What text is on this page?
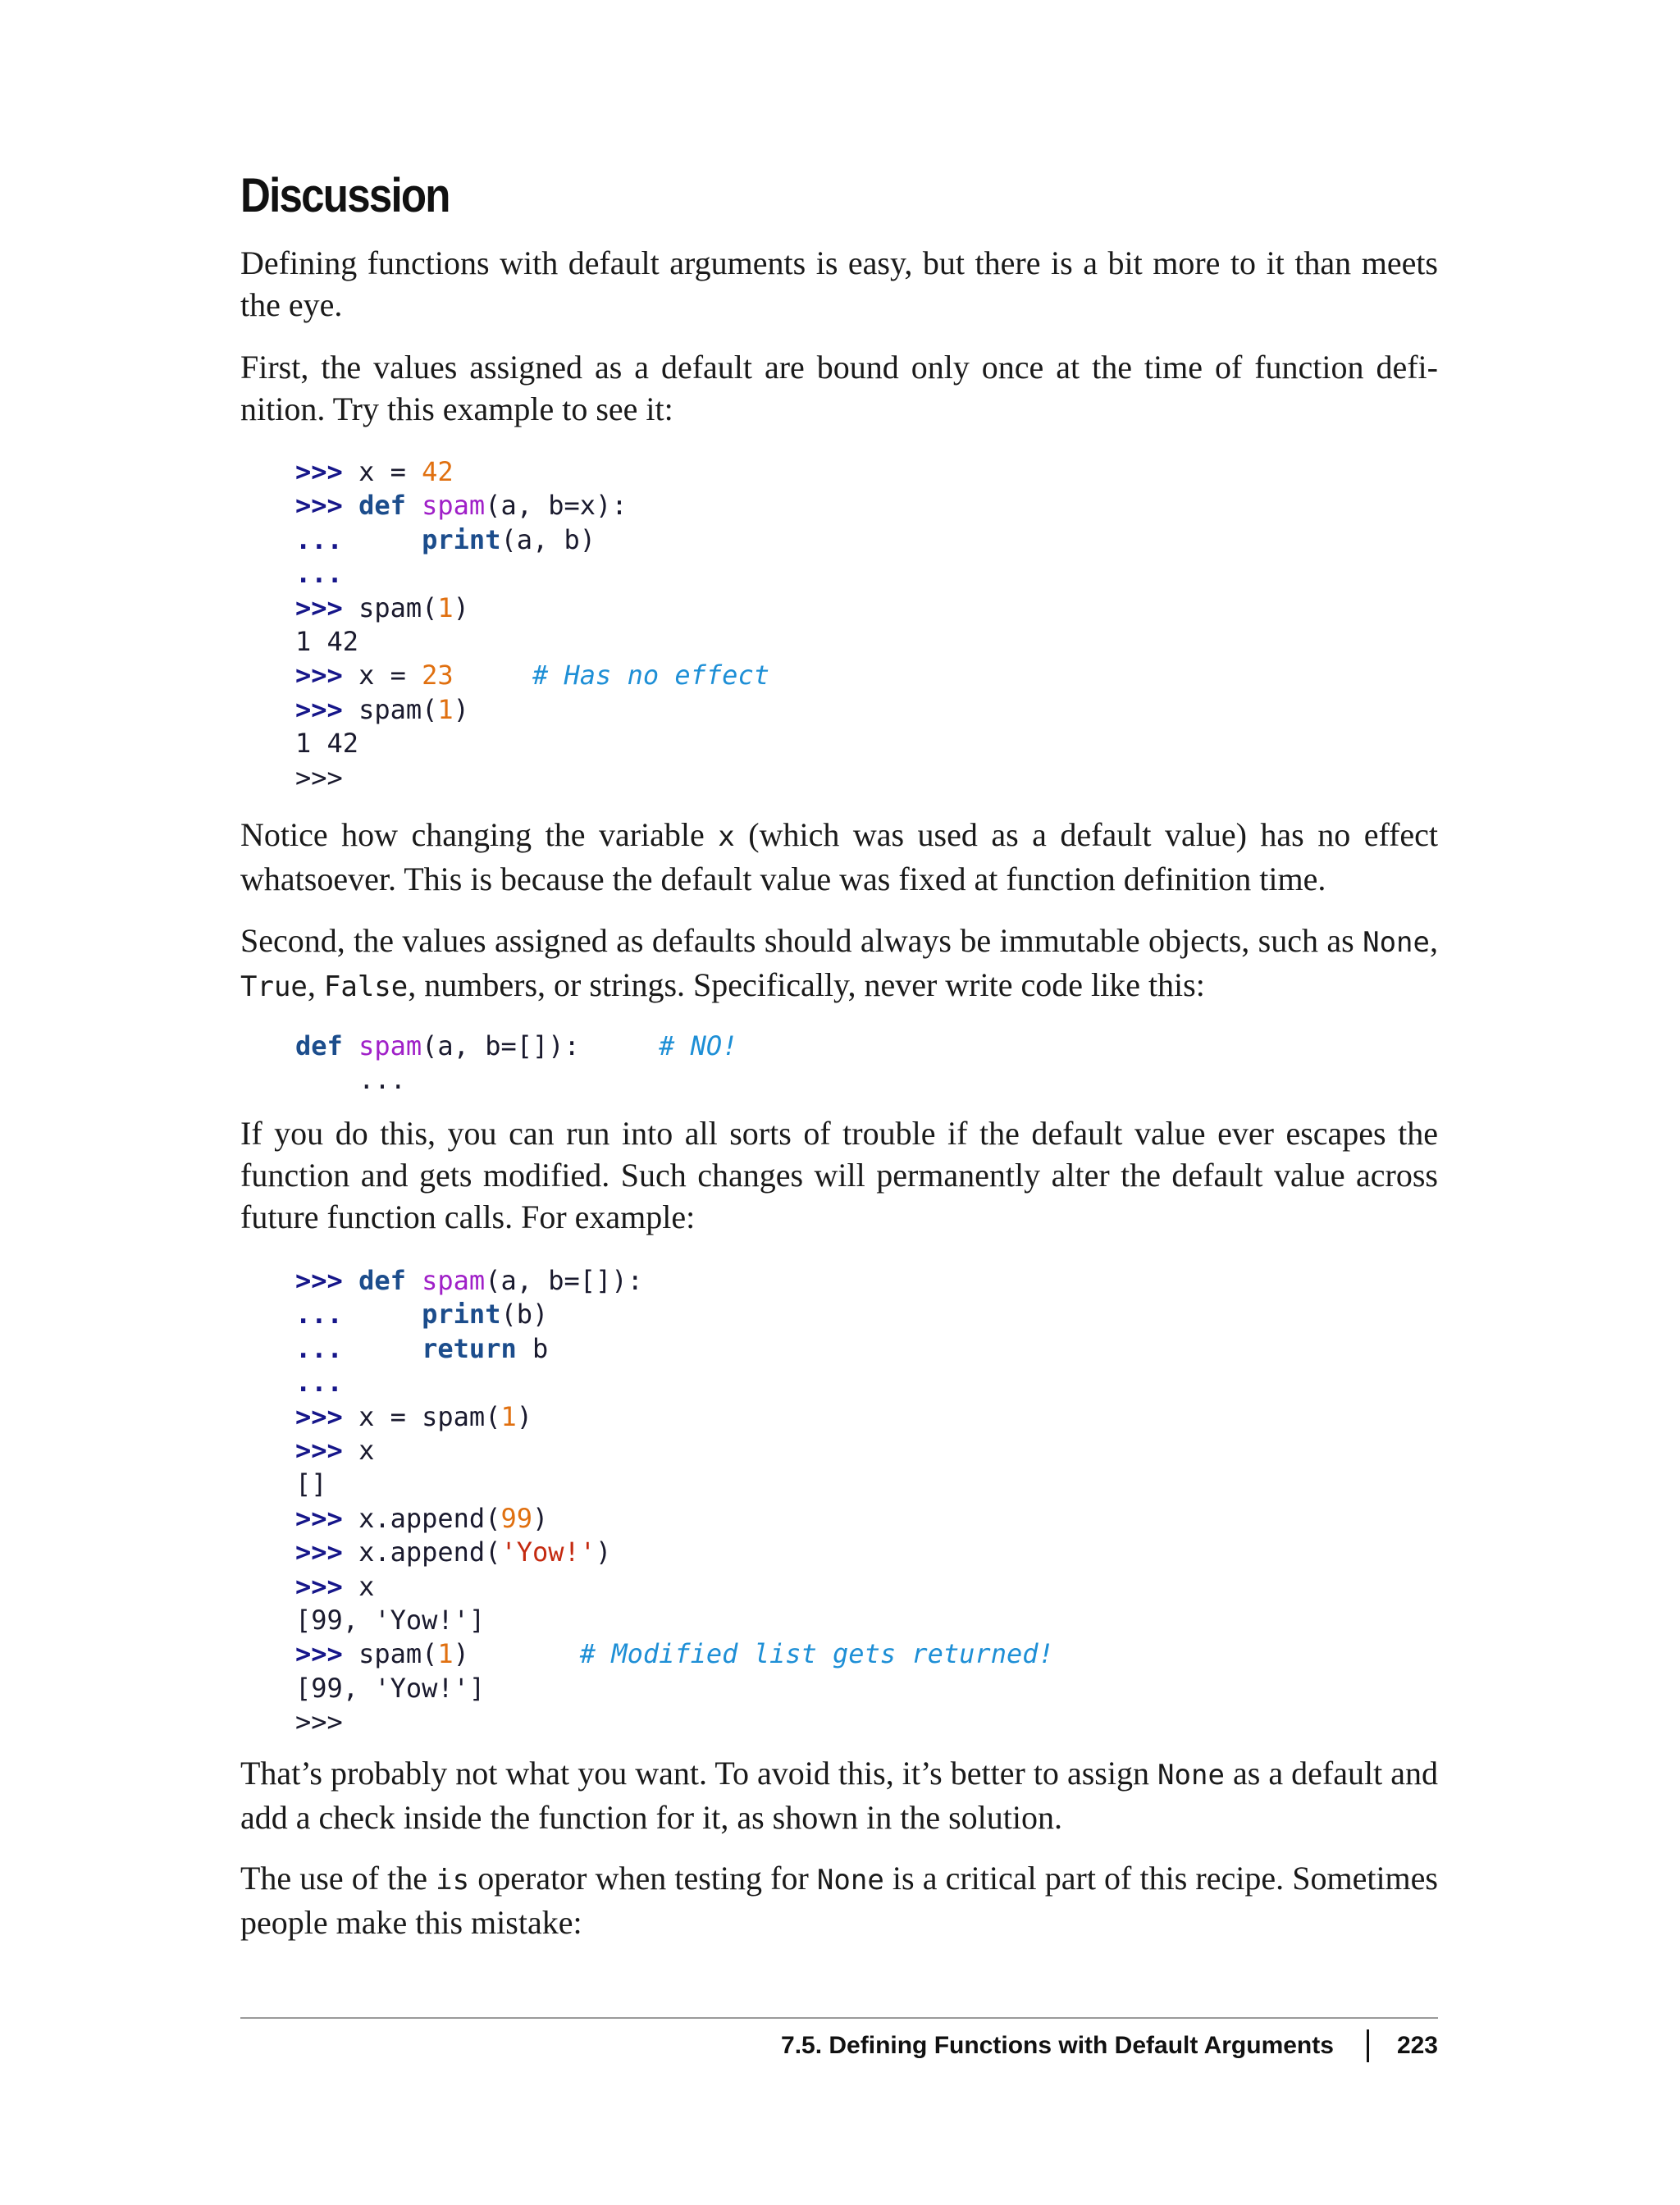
Discussion

Defining functions with default arguments is easy, but there is a bit more to it than meets the eye.

First, the values assigned as a default are bound only once at the time of function definition. Try this example to see it:

>>> x = 42
>>> def spam(a, b=x):
...	print(a, b)
...
>>> spam(1)
1 42
>>> x = 23	# Has no effect
>>> spam(1)
1 42
>>>

Notice how changing the variable x (which was used as a default value) has no effect whatsoever. This is because the default value was fixed at function definition time.

Second, the values assigned as defaults should always be immutable objects, such as None, True, False, numbers, or strings. Specifically, never write code like this:

def spam(a, b=[]):	# NO!
...

If you do this, you can run into all sorts of trouble if the default value ever escapes the function and gets modified. Such changes will permanently alter the default value across future function calls. For example:

>>> def spam(a, b=[]):
...	print(b)
...	return b
...
>>> x = spam(1)
>>> x
[]
>>> x.append(99)
>>> x.append('Yow!')
>>> x
[99, 'Yow!']
>>> spam(1)	# Modified list gets returned!
[99, 'Yow!']
>>>

That’s probably not what you want. To avoid this, it’s better to assign None as a default and add a check inside the function for it, as shown in the solution.

The use of the is operator when testing for None is a critical part of this recipe. Sometimes people make this mistake:

7.5. Defining Functions with Default Arguments	223
